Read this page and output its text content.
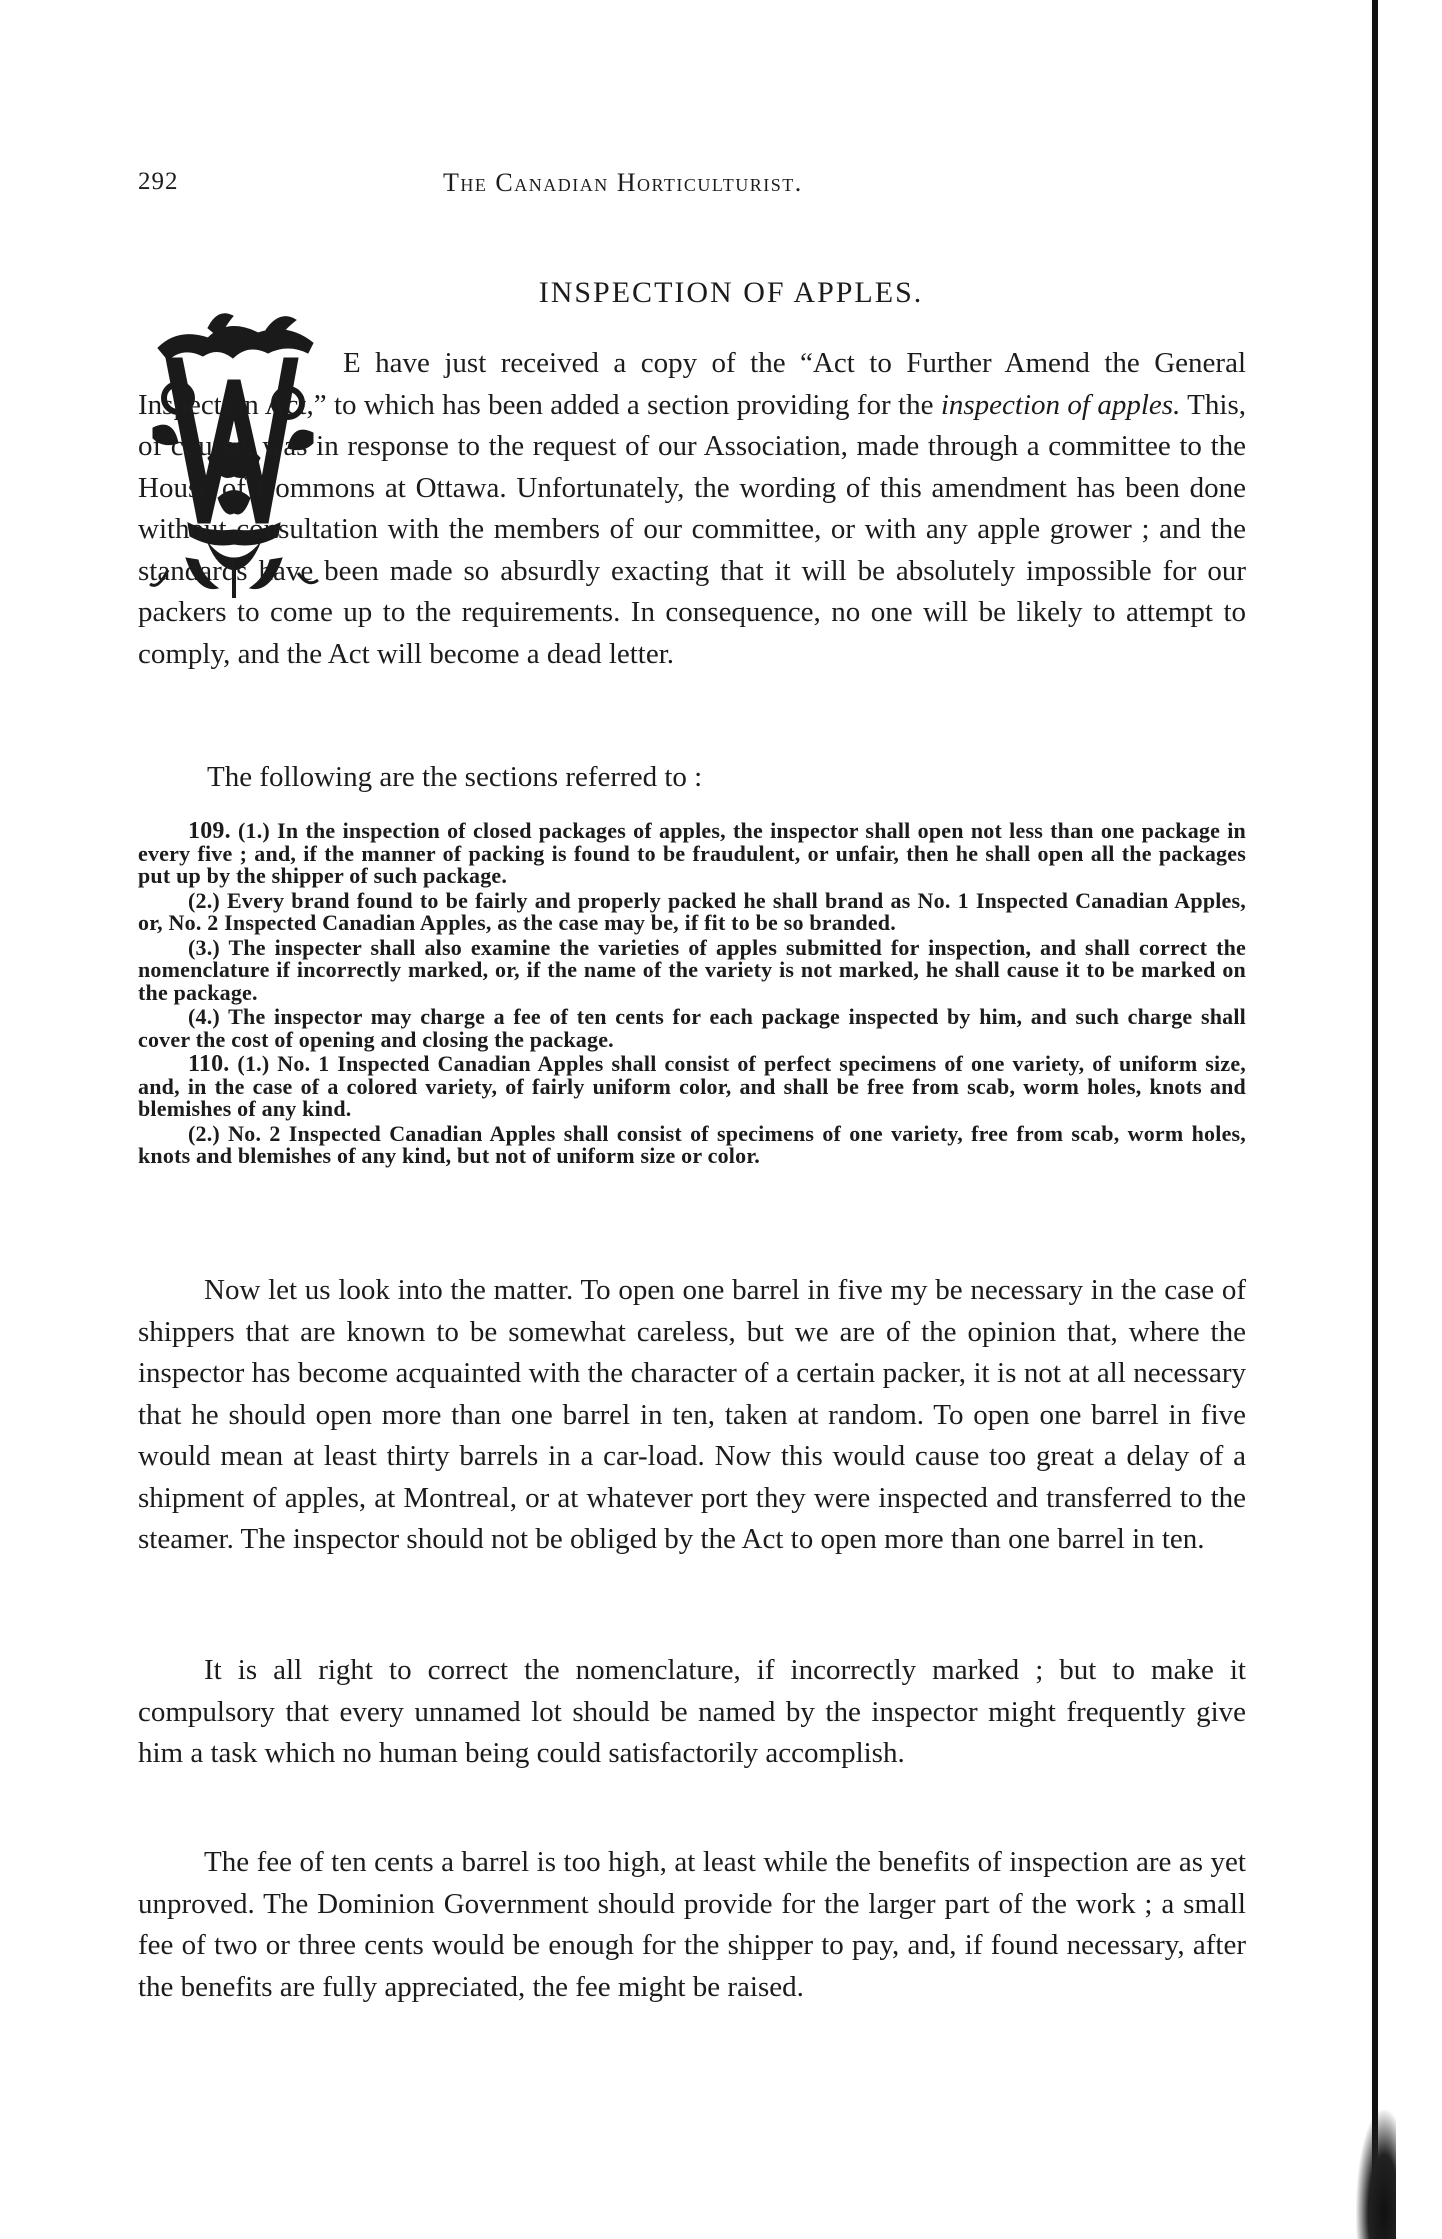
292	The Canadian Horticulturist.
INSPECTION OF APPLES.

E have just received a copy of the “Act to Further Amend the General Inspection Act,” to which has been added a section providing for the inspection of apples. This, of course, was in response to the request of our Association, made through a committee to the House of Commons at Ottawa. Unfortunately, the wording of this amendment has been done without consultation with the members of our committee, or with any apple grower ; and the standards have been made so absurdly exacting that it will be absolutely impossible for our packers to come up to the requirements. In consequence, no one will be likely to attempt to comply, and the Act will become a dead letter.

The following are the sections referred to :

109. (1.) In the inspection of closed packages of apples, the inspector shall open not less than one package in every five ; and, if the manner of packing is found to be fraudulent, or unfair, then he shall open all the packages put up by the shipper of such package.

(2.) Every brand found to be fairly and properly packed he shall brand as No. 1 Inspected Canadian Apples, or, No. 2 Inspected Canadian Apples, as the case may be, if fit to be so branded.

(3.) The inspecter shall also examine the varieties of apples submitted for inspection, and shall correct the nomenclature if incorrectly marked, or, if the name of the variety is not marked, he shall cause it to be marked on the package.

(4.) The inspector may charge a fee of ten cents for each package inspected by him, and such charge shall cover the cost of opening and closing the package.

110. (1.) No. 1 Inspected Canadian Apples shall consist of perfect specimens of one variety, of uniform size, and, in the case of a colored variety, of fairly uniform color, and shall be free from scab, worm holes, knots and blemishes of any kind.

(2.) No. 2 Inspected Canadian Apples shall consist of specimens of one variety, free from scab, worm holes, knots and blemishes of any kind, but not of uniform size or color.

Now let us look into the matter. To open one barrel in five my be necessary in the case of shippers that are known to be somewhat careless, but we are of the opinion that, where the inspector has become acquainted with the character of a certain packer, it is not at all necessary that he should open more than one barrel in ten, taken at random. To open one barrel in five would mean at least thirty barrels in a car-load. Now this would cause too great a delay of a shipment of apples, at Montreal, or at whatever port they were inspected and transferred to the steamer. The inspector should not be obliged by the Act to open more than one barrel in ten.

It is all right to correct the nomenclature, if incorrectly marked ; but to make it compulsory that every unnamed lot should be named by the inspector might frequently give him a task which no human being could satisfactorily accomplish.

The fee of ten cents a barrel is too high, at least while the benefits of inspection are as yet unproved. The Dominion Government should provide for the larger part of the work ; a small fee of two or three cents would be enough for the shipper to pay, and, if found necessary, after the benefits are fully appreciated, the fee might be raised.
